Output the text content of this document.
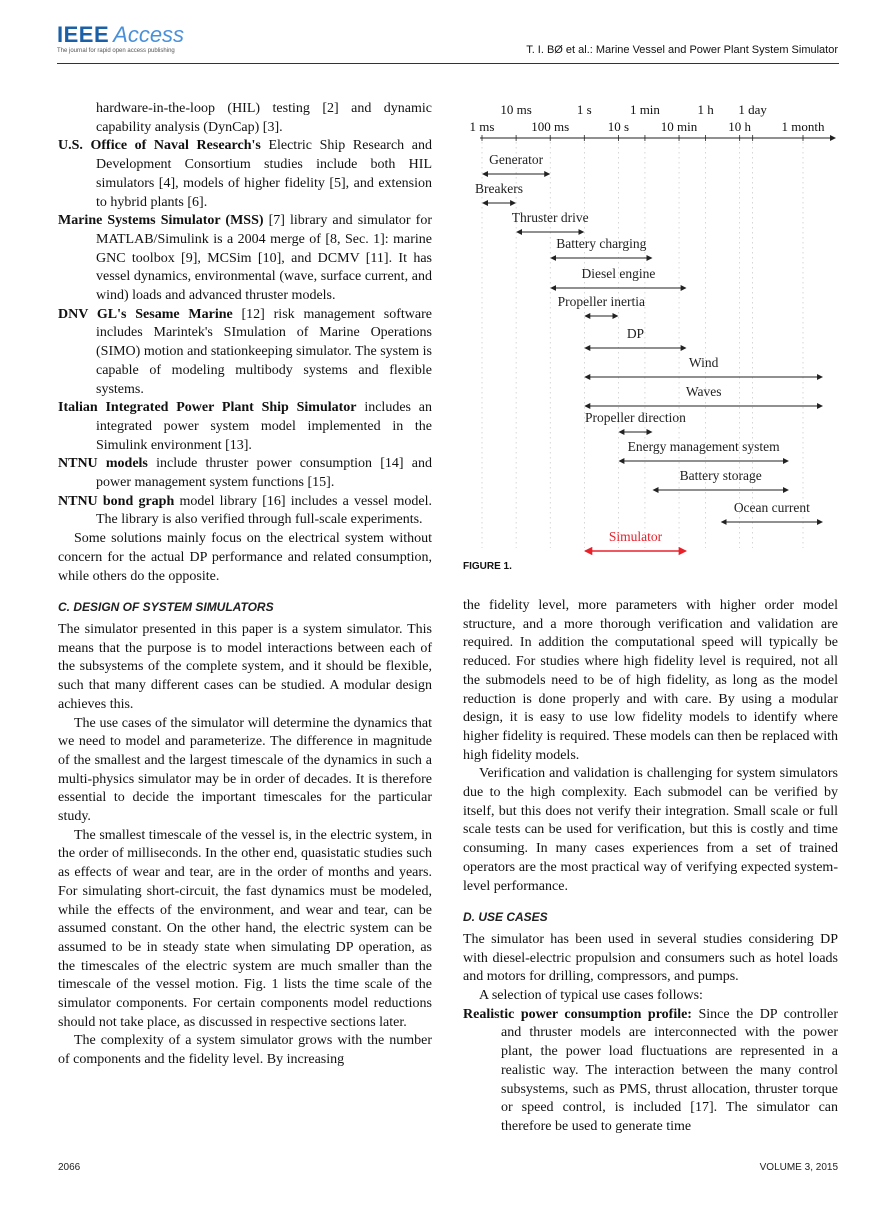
IEEE Access
The journal for rapid open access publishing	T. I. BØ et al.: Marine Vessel and Power Plant System Simulator

hardware-in-the-loop (HIL) testing [2] and dynamic capability analysis (DynCap) [3].

U.S. Office of Naval Research's Electric Ship Research and Development Consortium studies include both HIL simulators [4], models of higher fidelity [5], and extension to hybrid plants [6].

Marine Systems Simulator (MSS) [7] library and simulator for MATLAB/Simulink is a 2004 merge of [8, Sec. 1]: marine GNC toolbox [9], MCSim [10], and DCMV [11]. It has vessel dynamics, environmental (wave, surface current, and wind) loads and advanced thruster models.

DNV GL's Sesame Marine [12] risk management software includes Marintek's SImulation of Marine Operations (SIMO) motion and stationkeeping simulator. The system is capable of modeling multibody systems and flexible systems.

Italian Integrated Power Plant Ship Simulator includes an integrated power system model implemented in the Simulink environment [13].

NTNU models include thruster power consumption [14] and power management system functions [15].

NTNU bond graph model library [16] includes a vessel model. The library is also verified through full-scale experiments.

Some solutions mainly focus on the electrical system without concern for the actual DP performance and related consumption, while others do the opposite.

C. DESIGN OF SYSTEM SIMULATORS

The simulator presented in this paper is a system simulator. This means that the purpose is to model interactions between each of the subsystems of the complete system, and it should be flexible, such that many different cases can be studied. A modular design achieves this.

The use cases of the simulator will determine the dynamics that we need to model and parameterize. The difference in magnitude of the smallest and the largest timescale of the dynamics in such a multi-physics simulator may be in order of decades. It is therefore essential to decide the important timescales for the particular study.

The smallest timescale of the vessel is, in the electric system, in the order of milliseconds. In the other end, quasistatic studies such as effects of wear and tear, are in the order of months and years. For simulating short-circuit, the fast dynamics must be modeled, while the effects of the environment, and wear and tear, can be assumed constant. On the other hand, the electric system can be assumed to be in steady state when simulating DP operation, as the timescales of the electric system are much smaller than the timescale of the vessel motion. Fig. 1 lists the time scale of the simulator components. For certain components model reductions should not take place, as discussed in respective sections later.

The complexity of a system simulator grows with the number of components and the fidelity level. By increasing

10 ms	1 s	1 min	1 h 1 day
1 ms	100 ms	10 s 10 min 10 h 1 month
Generator
Breakers
Thruster drive
Battery charging
Diesel engine
Propeller inertia
DP
Wind
Waves
Propeller direction
Energy management system
Battery storage
Ocean current
Simulator
FIGURE 1.

the fidelity level, more parameters with higher order model structure, and a more thorough verification and validation are required. In addition the computational speed will typically be reduced. For studies where high fidelity level is required, not all the submodels need to be of high fidelity, as long as the model reduction is done properly and with care. By using a modular design, it is easy to use low fidelity models to identify where higher fidelity is required. These models can then be replaced with high fidelity models.

Verification and validation is challenging for system simulators due to the high complexity. Each submodel can be verified by itself, but this does not verify their integration. Small scale or full scale tests can be used for verification, but this is costly and time consuming. In many cases experiences from a set of trained operators are the most practical way of verifying expected system-level performance.

D. USE CASES

The simulator has been used in several studies considering DP with diesel-electric propulsion and consumers such as hotel loads and motors for drilling, compressors, and pumps.

A selection of typical use cases follows:

Realistic power consumption profile: Since the DP controller and thruster models are interconnected with the power plant, the power load fluctuations are represented in a realistic way. The interaction between the many control subsystems, such as PMS, thrust allocation, thruster torque or speed control, is included [17]. The simulator can therefore be used to generate time

2066	VOLUME 3, 2015
